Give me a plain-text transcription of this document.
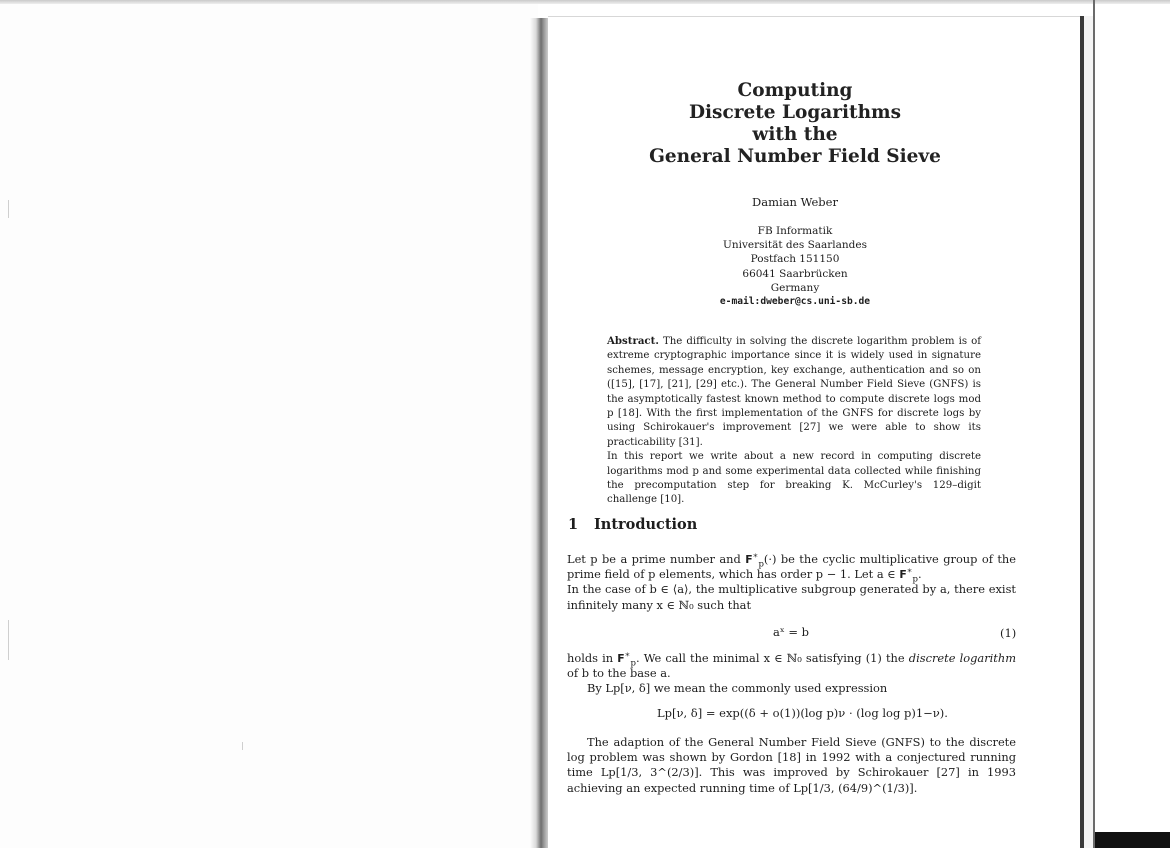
Computing
Discrete Logarithms
with the
General Number Field Sieve
Damian Weber
FB Informatik
Universität des Saarlandes
Postfach 151150
66041 Saarbrücken
Germany
e-mail:dweber@cs.uni-sb.de

Abstract. The difficulty in solving the discrete logarithm problem is of extreme cryptographic importance since it is widely used in signature schemes, message encryption, key exchange, authentication and so on ([15], [17], [21], [29] etc.). The General Number Field Sieve (GNFS) is the asymptotically fastest known method to compute discrete logs mod p [18]. With the first implementation of the GNFS for discrete logs by using Schirokauer's improvement [27] we were able to show its practicability [31].

In this report we write about a new record in computing discrete logarithms mod p and some experimental data collected while finishing the precomputation step for breaking K. McCurley's 129–digit challenge [10].

1 Introduction

Let p be a prime number and $F^∗_p(\cdot)$ be the cyclic multiplicative group of the prime field of p elements, which has order p − 1. Let a ∈ $F^∗_p$.

In the case of b ∈ ⟨a⟩, the multiplicative subgroup generated by a, there exist infinitely many x ∈ ℕ₀ such that

aˣ = b	(1)

holds in $F^∗_p$. We call the minimal x ∈ ℕ₀ satisfying (1) the discrete logarithm of b to the base a.

By Lp[ν, δ] we mean the commonly used expression

Lp[ν, δ] = exp((δ + o(1))(log p)ν · (log log p)1−ν).

The adaption of the General Number Field Sieve (GNFS) to the discrete log problem was shown by Gordon [18] in 1992 with a conjectured running time Lp[1/3, 3^(2/3)]. This was improved by Schirokauer [27] in 1993 achieving an expected running time of Lp[1/3, (64/9)^(1/3)].
